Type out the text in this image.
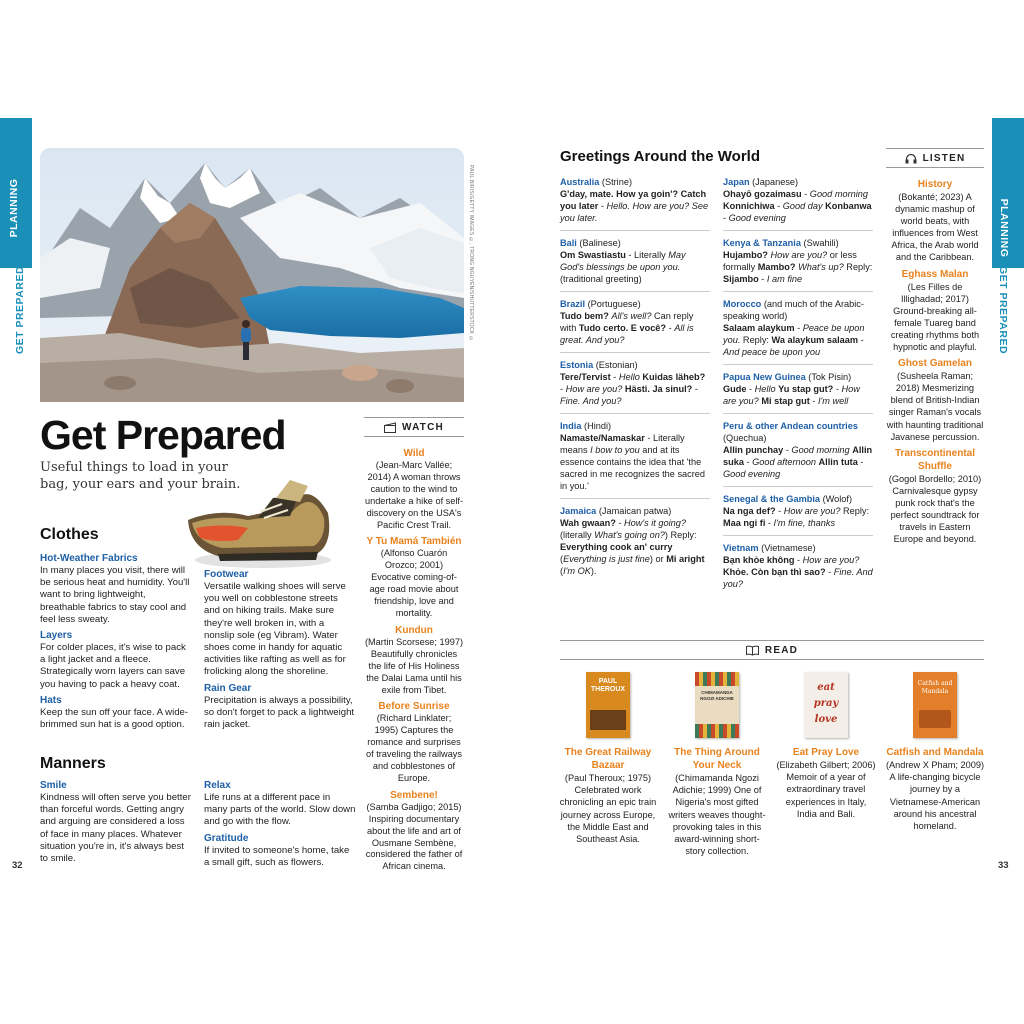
PLANNING
GET PREPARED
PLANNING
GET PREPARED
32	33
PAUL BIRIS/GETTY IMAGES ©, TRONG NGUYEN/SHUTTERSTOCK ©
Get Prepared
Useful things to load in your bag, your ears and your brain.
Clothes
Hot-Weather Fabrics

In many places you visit, there will be serious heat and humidity. You'll want to bring lightweight, breathable fabrics to stay cool and feel less sweaty.

Layers

For colder places, it's wise to pack a light jacket and a fleece. Strategically worn layers can save you having to pack a heavy coat.

Hats

Keep the sun off your face. A wide-brimmed sun hat is a good option.

Footwear

Versatile walking shoes will serve you well on cobblestone streets and on hiking trails. Make sure they're well broken in, with a nonslip sole (eg Vibram). Water shoes come in handy for aquatic activities like rafting as well as for frolicking along the shoreline.

Rain Gear

Precipitation is always a possibility, so don't forget to pack a lightweight rain jacket.

Manners
Smile

Kindness will often serve you better than forceful words. Getting angry and arguing are considered a loss of face in many places. Whatever situation you're in, it's always best to smile.

Relax

Life runs at a different pace in many parts of the world. Slow down and go with the flow.

Gratitude

If invited to someone's home, take a small gift, such as flowers.

WATCH
Wild
(Jean-Marc Vallée; 2014) A woman throws caution to the wind to undertake a hike of self-discovery on the USA's Pacific Crest Trail.
Y Tu Mamá También
(Alfonso Cuarón Orozco; 2001) Evocative coming-of-age road movie about friendship, love and mortality.
Kundun
(Martin Scorsese; 1997) Beautifully chronicles the life of His Holiness the Dalai Lama until his exile from Tibet.
Before Sunrise
(Richard Linklater; 1995) Captures the romance and surprises of traveling the railways and cobblestones of Europe.
Sembene!
(Samba Gadjigo; 2015) Inspiring documentary about the life and art of Ousmane Sembène, considered the father of African cinema.
Greetings Around the World
Australia (Strine)
G'day, mate. How ya goin'? Catch you later - Hello. How are you? See you later.
Bali (Balinese)
Om Swastiastu - Literally May God's blessings be upon you. (traditional greeting)
Brazil (Portuguese)
Tudo bem? All's well? Can reply with Tudo certo. E você? - All is great. And you?
Estonia (Estonian)
Tere/Tervist - Hello Kuidas läheb? - How are you? Hästi. Ja sinul? - Fine. And you?
India (Hindi)
Namaste/Namaskar - Literally means I bow to you and at its essence contains the idea that 'the sacred in me recognizes the sacred in you.'
Jamaica (Jamaican patwa)
Wah gwaan? - How's it going? (literally What's going on?) Reply: Everything cook an' curry (Everything is just fine) or Mi aright (I'm OK).
Japan (Japanese)
Ohayō gozaimasu - Good morning Konnichiwa - Good day Konbanwa - Good evening
Kenya & Tanzania (Swahili)
Hujambo? How are you? or less formally Mambo? What's up? Reply: Sijambo - I am fine
Morocco (and much of the Arabic-speaking world)
Salaam alaykum - Peace be upon you. Reply: Wa alaykum salaam - And peace be upon you
Papua New Guinea (Tok Pisin)
Gude - Hello Yu stap gut? - How are you? Mi stap gut - I'm well
Peru & other Andean countries (Quechua)
Allin punchay - Good morning Allin suka - Good afternoon Allin tuta - Good evening
Senegal & the Gambia (Wolof)
Na nga def? - How are you? Reply: Maa ngi fi - I'm fine, thanks
Vietnam (Vietnamese)
Bạn khỏe không - How are you? Khỏe. Còn bạn thì sao? - Fine. And you?
LISTEN
History
(Bokanté; 2023) A dynamic mashup of world beats, with influences from West Africa, the Arab world and the Caribbean.
Eghass Malan
(Les Filles de Illighadad; 2017) Ground-breaking all-female Tuareg band creating rhythms both hypnotic and playful.
Ghost Gamelan
(Susheela Raman; 2018) Mesmerizing blend of British-Indian singer Raman's vocals with haunting traditional Javanese percussion.
Transcontinental Shuffle
(Gogol Bordello; 2010) Carnivalesque gypsy punk rock that's the perfect soundtrack for travels in Eastern Europe and beyond.
READ
PAUL THEROUX
The Great Railway Bazaar
(Paul Theroux; 1975) Celebrated work chronicling an epic train journey across Europe, the Middle East and Southeast Asia.
CHIMAMANDA NGOZI ADICHIE
The Thing Around Your Neck
(Chimamanda Ngozi Adichie; 1999) One of Nigeria's most gifted writers weaves thought-provoking tales in this award-winning short-story collection.
eat pray love
Eat Pray Love
(Elizabeth Gilbert; 2006) Memoir of a year of extraordinary travel experiences in Italy, India and Bali.
Catfish and Mandala
Catfish and Mandala
(Andrew X Pham; 2009) A life-changing bicycle journey by a Vietnamese-American around his ancestral homeland.
